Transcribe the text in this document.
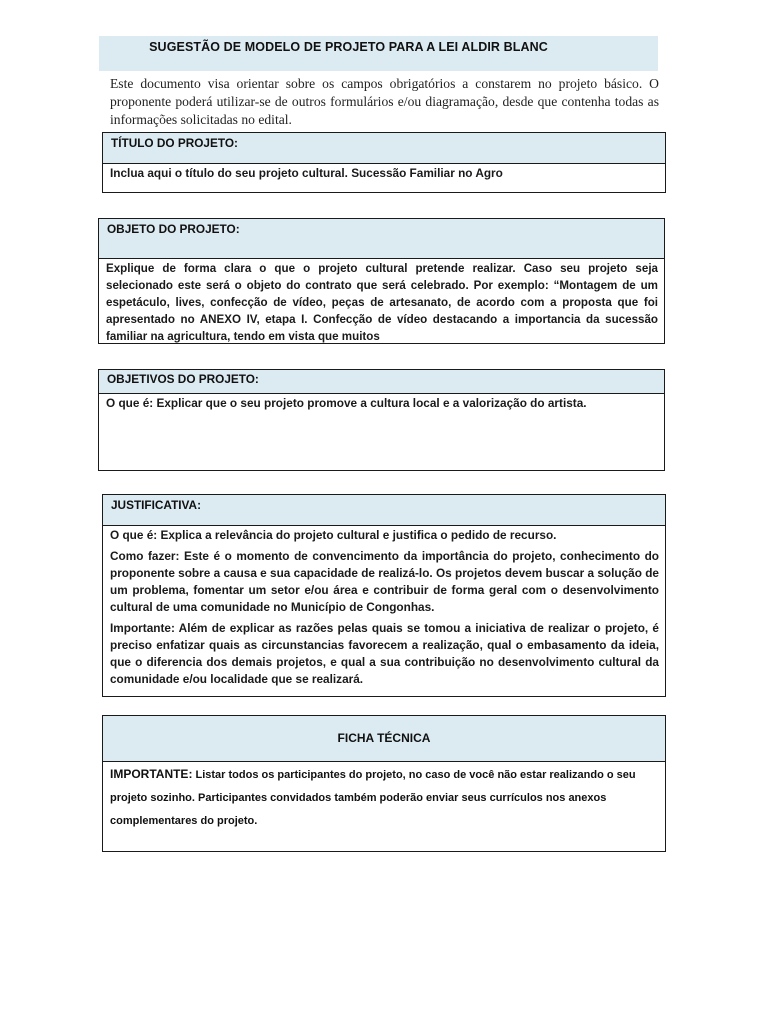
SUGESTÃO DE MODELO DE PROJETO PARA A LEI ALDIR BLANC
Este documento visa orientar sobre os campos obrigatórios a constarem no projeto básico. O proponente poderá utilizar-se de outros formulários e/ou diagramação, desde que contenha todas as informações solicitadas no edital.
TÍTULO DO PROJETO:
Inclua aqui o título do seu projeto cultural. Sucessão Familiar no Agro
OBJETO DO PROJETO:
Explique de forma clara o que o projeto cultural pretende realizar. Caso seu projeto seja selecionado este será o objeto do contrato que será celebrado. Por exemplo: “Montagem de um espetáculo, lives, confecção de vídeo, peças de artesanato, de acordo com a proposta que foi apresentado no ANEXO IV, etapa I. Confecção de vídeo destacando a importancia da sucessão familiar na agricultura, tendo em vista que muitos
OBJETIVOS DO PROJETO:
O que é: Explicar que o seu projeto promove a cultura local e a valorização do artista.
JUSTIFICATIVA:

O que é: Explica a relevância do projeto cultural e justifica o pedido de recurso.

Como fazer: Este é o momento de convencimento da importância do projeto, conhecimento do proponente sobre a causa e sua capacidade de realizá-lo. Os projetos devem buscar a solução de um problema, fomentar um setor e/ou área e contribuir de forma geral com o desenvolvimento cultural de uma comunidade no Município de Congonhas.

Importante: Além de explicar as razões pelas quais se tomou a iniciativa de realizar o projeto, é preciso enfatizar quais as circunstancias favorecem a realização, qual o embasamento da ideia, que o diferencia dos demais projetos, e qual a sua contribuição no desenvolvimento cultural da comunidade e/ou localidade que se realizará.

FICHA TÉCNICA
IMPORTANTE: Listar todos os participantes do projeto, no caso de você não estar realizando o seu projeto sozinho. Participantes convidados também poderão enviar seus currículos nos anexos complementares do projeto.
